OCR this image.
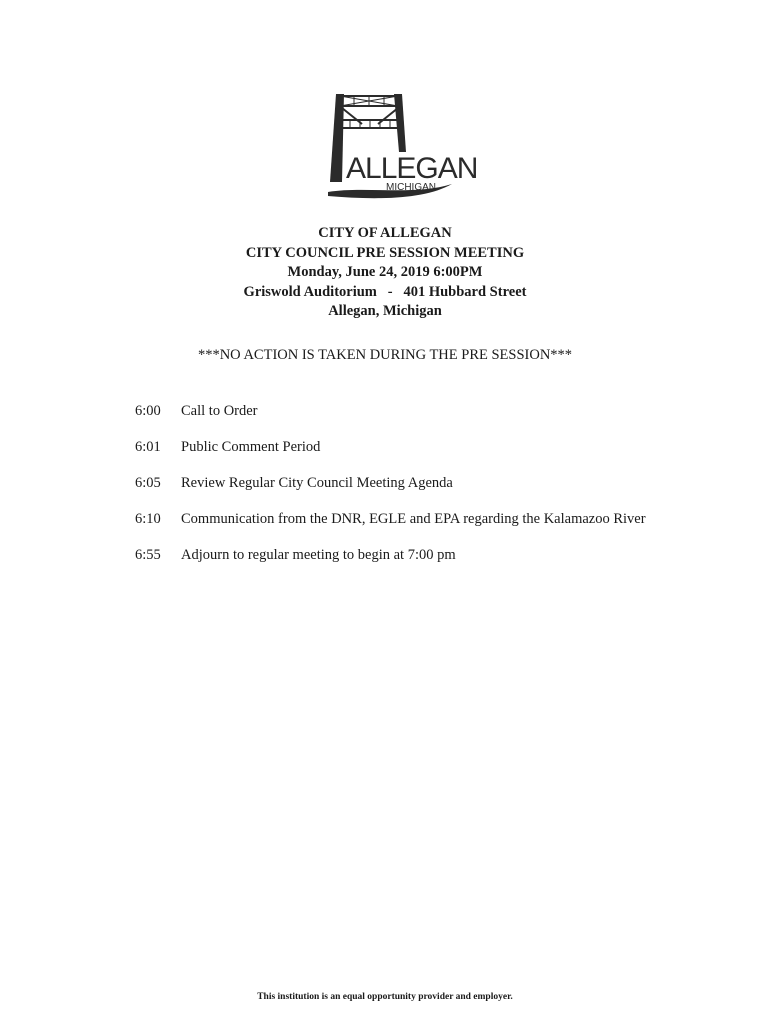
ALLEGAN
MICHIGAN
CITY OF ALLEGAN
CITY COUNCIL PRE SESSION MEETING
Monday, June 24, 2019 6:00PM
Griswold Auditorium   -   401 Hubbard Street
Allegan, Michigan
***NO ACTION IS TAKEN DURING THE PRE SESSION***
6:00	Call to Order
6:01	Public Comment Period
6:05	Review Regular City Council Meeting Agenda
6:10	Communication from the DNR, EGLE and EPA regarding the Kalamazoo River
6:55	Adjourn to regular meeting to begin at 7:00 pm
This institution is an equal opportunity provider and employer.
